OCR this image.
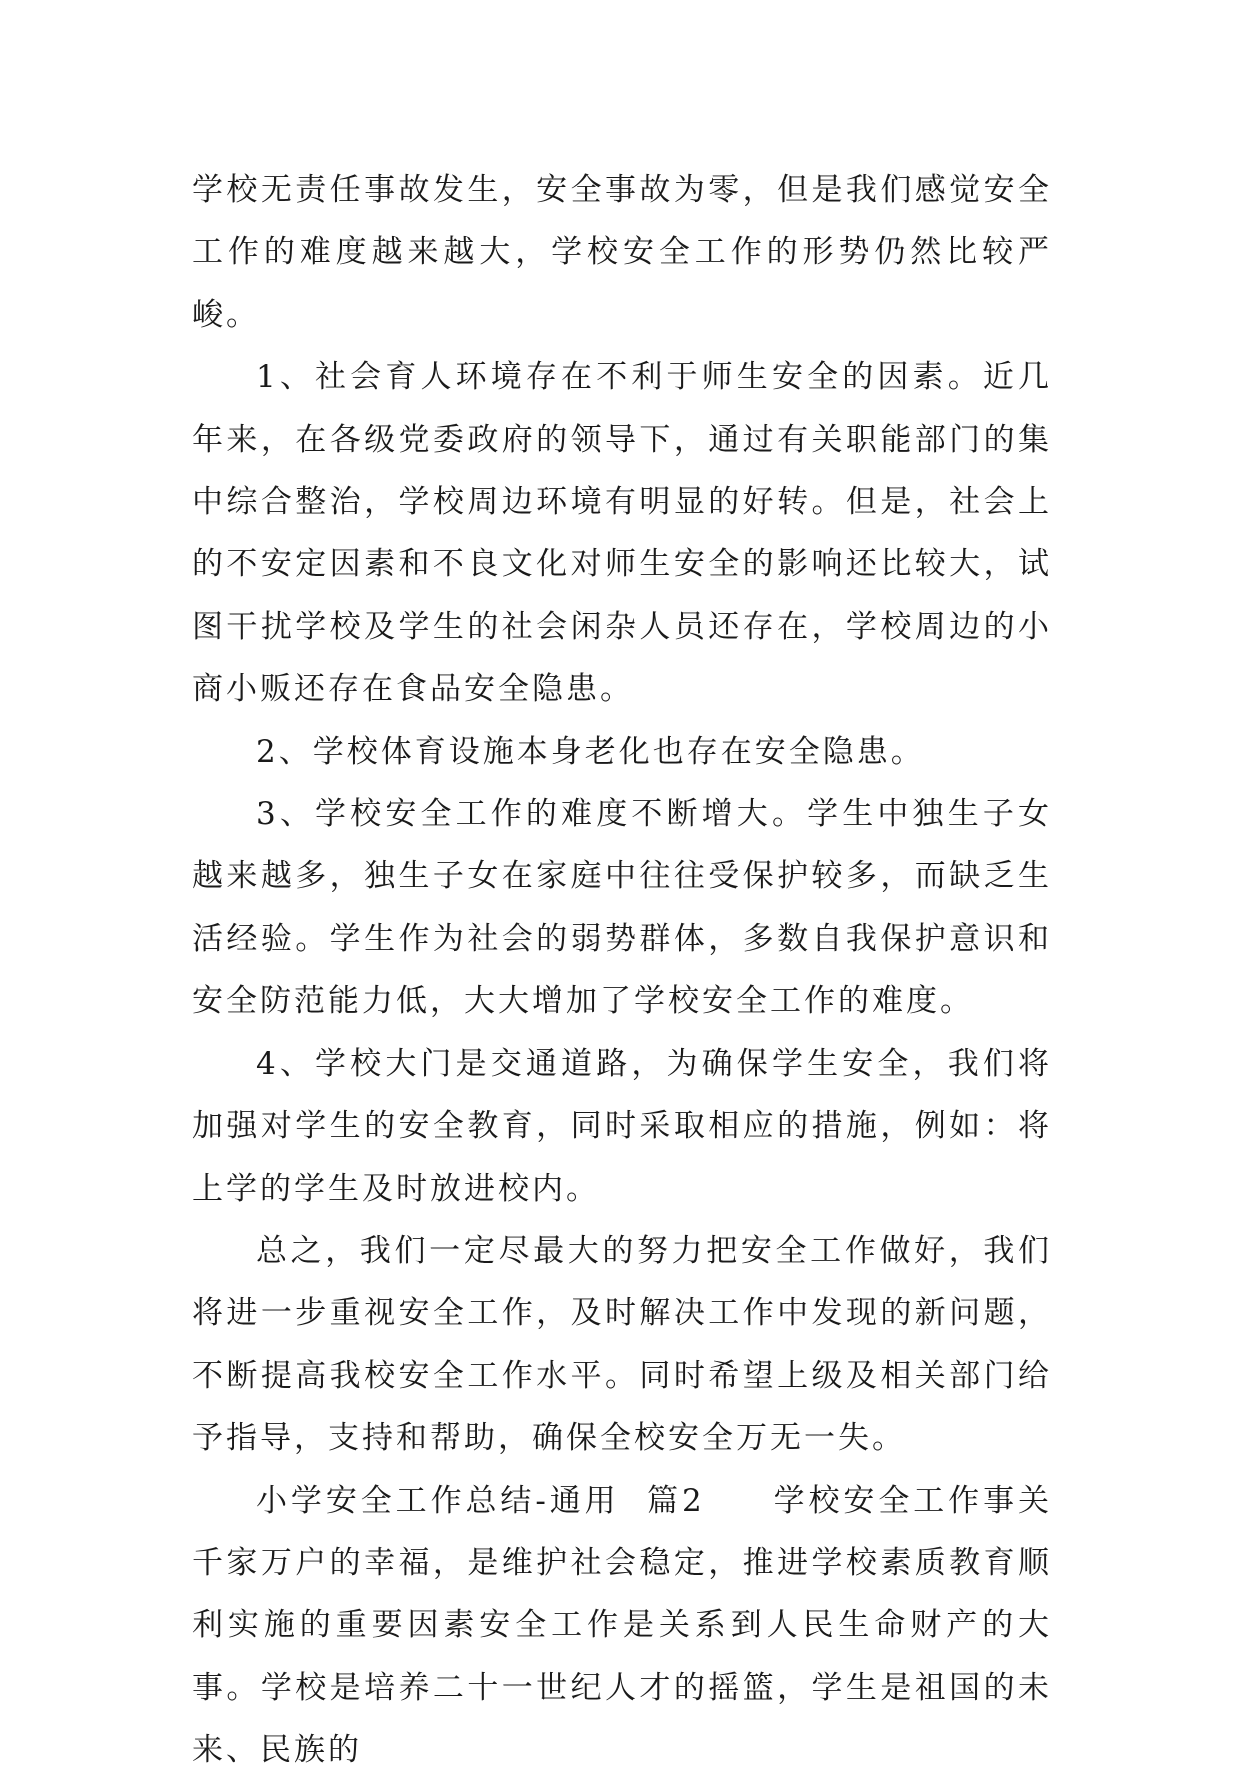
学校无责任事故发生，安全事故为零，但是我们感觉安全工作的难度越来越大，学校安全工作的形势仍然比较严峻。

1、社会育人环境存在不利于师生安全的因素。近几年来，在各级党委政府的领导下，通过有关职能部门的集中综合整治，学校周边环境有明显的好转。但是，社会上的不安定因素和不良文化对师生安全的影响还比较大，试图干扰学校及学生的社会闲杂人员还存在，学校周边的小商小贩还存在食品安全隐患。

2、学校体育设施本身老化也存在安全隐患。

3、学校安全工作的难度不断增大。学生中独生子女越来越多，独生子女在家庭中往往受保护较多，而缺乏生活经验。学生作为社会的弱势群体，多数自我保护意识和安全防范能力低，大大增加了学校安全工作的难度。

4、学校大门是交通道路，为确保学生安全，我们将加强对学生的安全教育，同时采取相应的措施，例如：将上学的学生及时放进校内。

总之，我们一定尽最大的努力把安全工作做好，我们将进一步重视安全工作，及时解决工作中发现的新问题，不断提高我校安全工作水平。同时希望上级及相关部门给予指导，支持和帮助，确保全校安全万无一失。

小学安全工作总结-通用  篇2     学校安全工作事关千家万户的幸福，是维护社会稳定，推进学校素质教育顺利实施的重要因素安全工作是关系到人民生命财产的大事。学校是培养二十一世纪人才的摇篮，学生是祖国的未来、民族的
